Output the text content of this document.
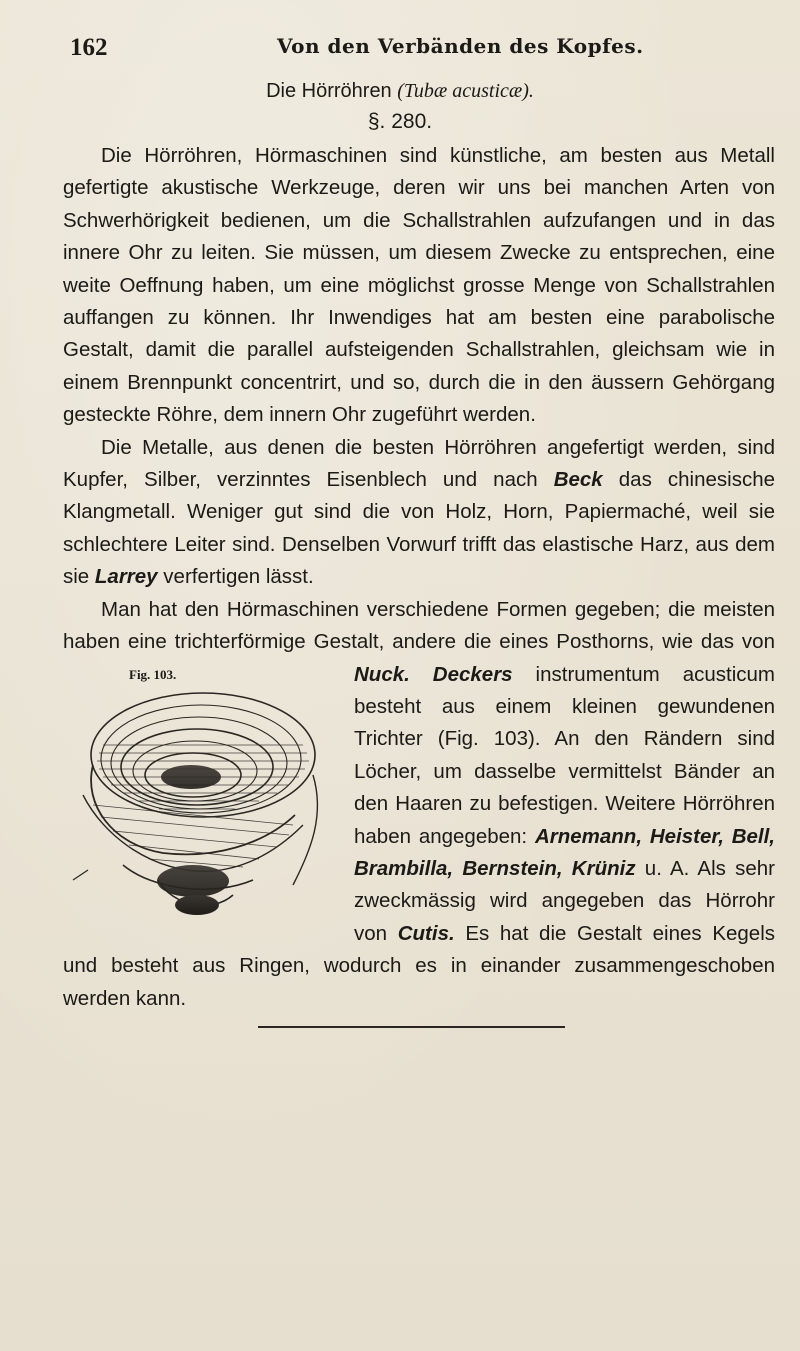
162	Von den Verbänden des Kopfes.
Die Hörröhren (Tubæ acusticæ).
§. 280.

Die Hörröhren, Hörmaschinen sind künstliche, am besten aus Metall gefertigte akustische Werkzeuge, deren wir uns bei manchen Arten von Schwerhörigkeit bedienen, um die Schallstrahlen aufzufangen und in das innere Ohr zu leiten. Sie müssen, um diesem Zwecke zu entsprechen, eine weite Oeffnung haben, um eine möglichst grosse Menge von Schallstrahlen auffangen zu können. Ihr Inwendiges hat am besten eine parabolische Gestalt, damit die parallel aufsteigenden Schallstrahlen, gleichsam wie in einem Brennpunkt concentrirt, und so, durch die in den äussern Gehörgang gesteckte Röhre, dem innern Ohr zugeführt werden.

Die Metalle, aus denen die besten Hörröhren angefertigt werden, sind Kupfer, Silber, verzinntes Eisenblech und nach Beck das chinesische Klangmetall. Weniger gut sind die von Holz, Horn, Papiermaché, weil sie schlechtere Leiter sind. Denselben Vorwurf trifft das elastische Harz, aus dem sie Larrey verfertigen lässt.

Man hat den Hörmaschinen verschiedene Formen gegeben; die meisten haben eine trichterförmige Gestalt, andere die eines Posthorns, wie das von
Fig. 103.	Nuck. Deckers instrumentum acusticum besteht aus einem kleinen gewundenen Trichter (Fig. 103). An den Rändern sind Löcher, um dasselbe vermittelst Bänder an den Haaren zu befestigen. Weitere Hörröhren haben angegeben: Arnemann, Heister, Bell, Brambilla, Bernstein, Krüniz u. A. Als sehr zweckmässig wird angegeben das Hörrohr von Cutis. Es hat die Gestalt eines Kegels und besteht aus Ringen, wodurch es in einander zusammengeschoben werden kann.
